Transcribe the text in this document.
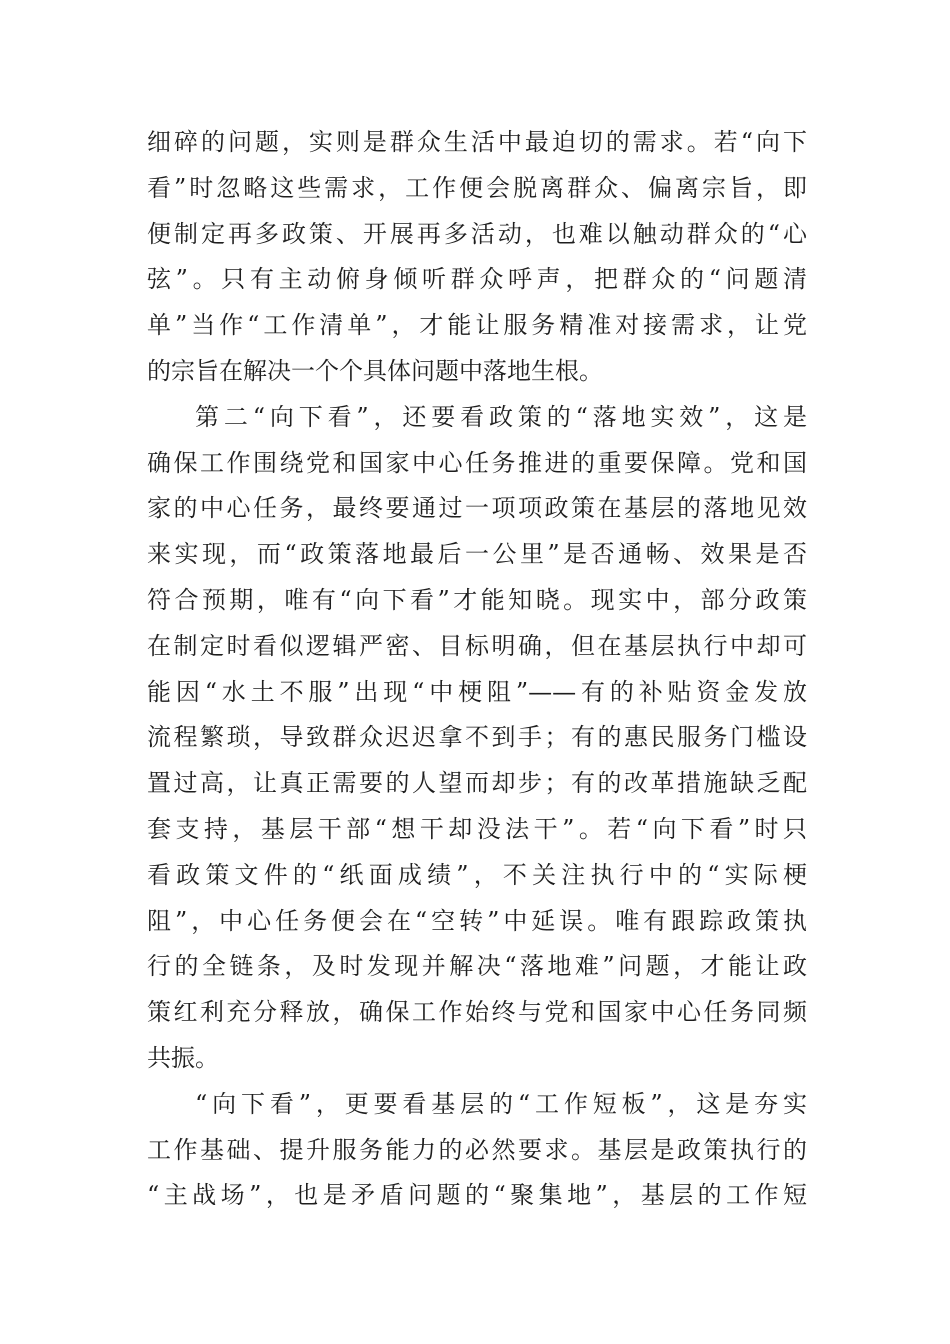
细碎的问题，实则是群众生活中最迫切的需求。若“向下
看”时忽略这些需求，工作便会脱离群众、偏离宗旨，即
便制定再多政策、开展再多活动，也难以触动群众的“心
弦”。只有主动俯身倾听群众呼声，把群众的“问题清
单”当作“工作清单”，才能让服务精准对接需求，让党
的宗旨在解决一个个具体问题中落地生根。
第二“向下看”，还要看政策的“落地实效”，这是
确保工作围绕党和国家中心任务推进的重要保障。党和国
家的中心任务，最终要通过一项项政策在基层的落地见效
来实现，而“政策落地最后一公里”是否通畅、效果是否
符合预期，唯有“向下看”才能知晓。现实中，部分政策
在制定时看似逻辑严密、目标明确，但在基层执行中却可
能因“水土不服”出现“中梗阻”——有的补贴资金发放
流程繁琐，导致群众迟迟拿不到手；有的惠民服务门槛设
置过高，让真正需要的人望而却步；有的改革措施缺乏配
套支持，基层干部“想干却没法干”。若“向下看”时只
看政策文件的“纸面成绩”，不关注执行中的“实际梗
阻”，中心任务便会在“空转”中延误。唯有跟踪政策执
行的全链条，及时发现并解决“落地难”问题，才能让政
策红利充分释放，确保工作始终与党和国家中心任务同频
共振。
“向下看”，更要看基层的“工作短板”，这是夯实
工作基础、提升服务能力的必然要求。基层是政策执行的
“主战场”，也是矛盾问题的“聚集地”，基层的工作短
